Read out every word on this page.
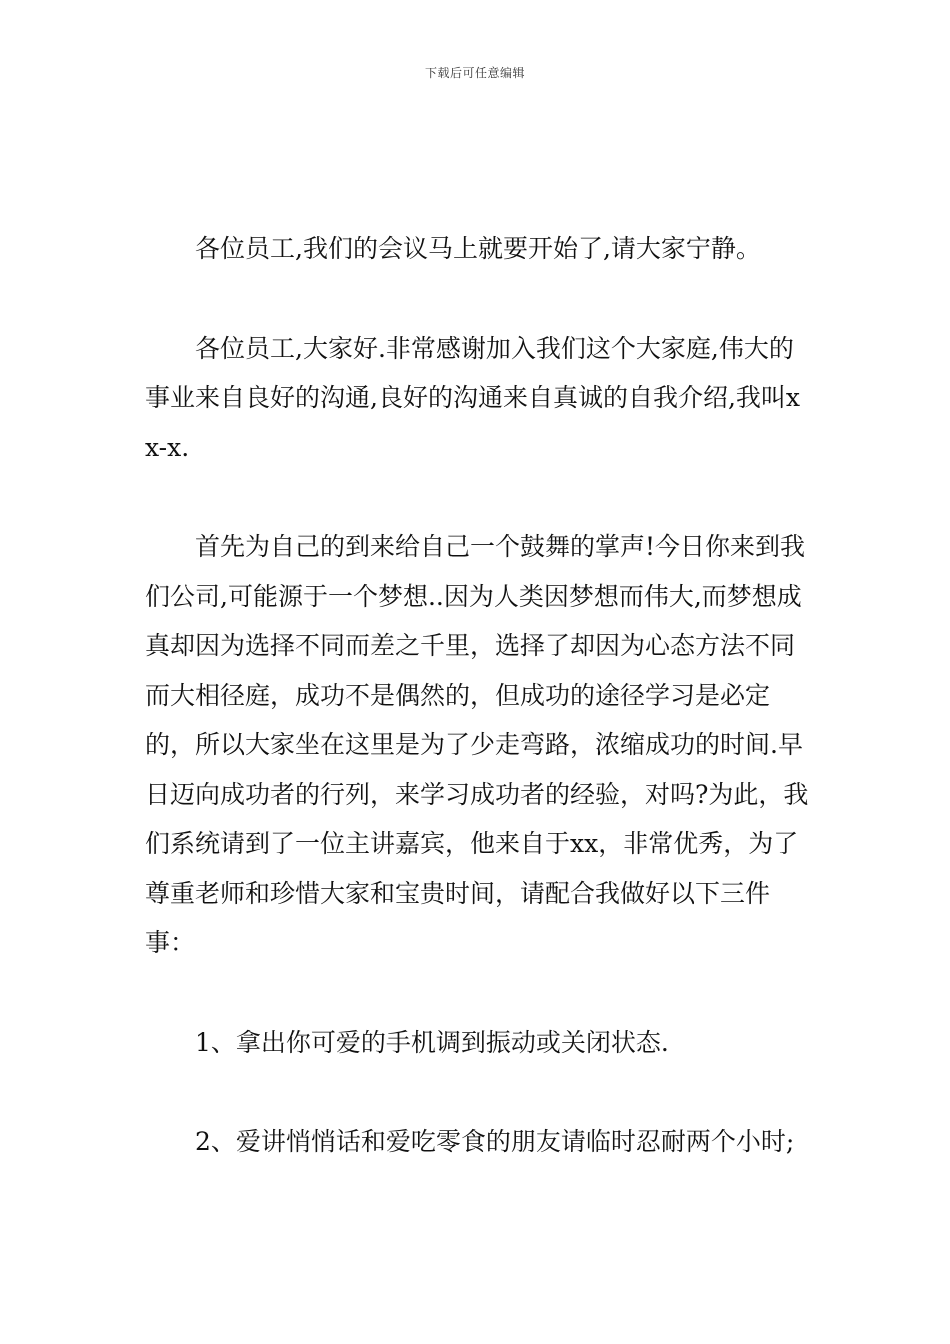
下载后可任意编辑

各位员工,我们的会议马上就要开始了,请大家宁静。

各位员工,大家好.非常感谢加入我们这个大家庭,伟大的事业来自良好的沟通,良好的沟通来自真诚的自我介绍,我叫xx-x.

首先为自己的到来给自己一个鼓舞的掌声!今日你来到我们公司,可能源于一个梦想..因为人类因梦想而伟大,而梦想成真却因为选择不同而差之千里，选择了却因为心态方法不同而大相径庭，成功不是偶然的，但成功的途径学习是必定的，所以大家坐在这里是为了少走弯路，浓缩成功的时间.早日迈向成功者的行列，来学习成功者的经验，对吗?为此，我们系统请到了一位主讲嘉宾，他来自于xx，非常优秀，为了尊重老师和珍惜大家和宝贵时间，请配合我做好以下三件事：

1、拿出你可爱的手机调到振动或关闭状态.

2、爱讲悄悄话和爱吃零食的朋友请临时忍耐两个小时;
